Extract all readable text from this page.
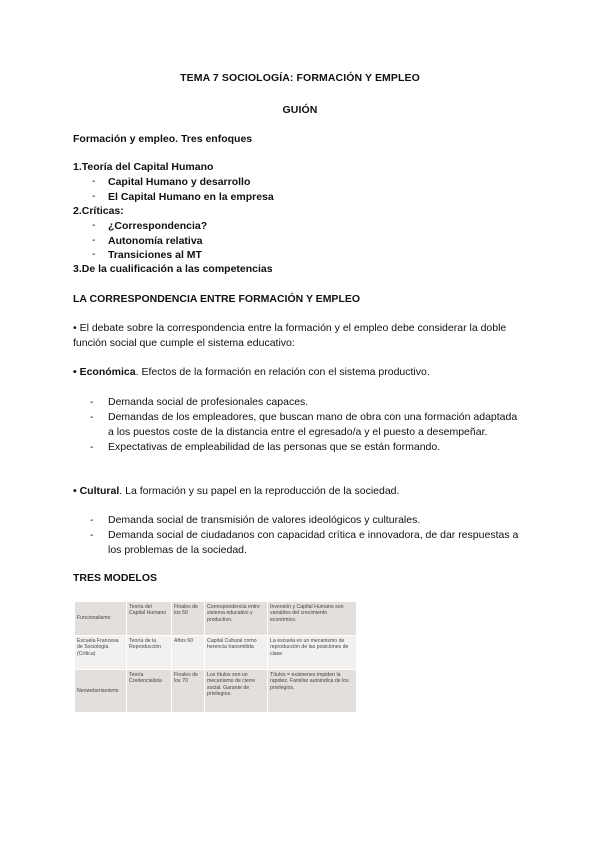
TEMA 7 SOCIOLOGÍA: FORMACIÓN Y EMPLEO
GUIÓN
Formación y empleo. Tres enfoques
1.Teoría del Capital Humano
- Capital Humano y desarrollo
- El Capital Humano en la empresa
2.Críticas:
- ¿Correspondencia?
- Autonomía relativa
- Transiciones al MT
3.De la cualificación a las competencias
LA CORRESPONDENCIA ENTRE FORMACIÓN Y EMPLEO
• El debate sobre la correspondencia entre la formación y el empleo debe considerar la doble función social que cumple el sistema educativo:
• Económica. Efectos de la formación en relación con el sistema productivo.
- Demanda social de profesionales capaces.
- Demandas de los empleadores, que buscan mano de obra con una formación adaptada a los puestos coste de la distancia entre el egresado/a y el puesto a desempeñar.
- Expectativas de empleabilidad de las personas que se están formando.
• Cultural. La formación y su papel en la reproducción de la sociedad.
- Demanda social de transmisión de valores ideológicos y culturales.
- Demanda social de ciudadanos con capacidad crítica e innovadora, de dar respuestas a los problemas de la sociedad.
TRES MODELOS
Funcionalismo	Teoría del Capital Humano	Finales de los 50	Correspondencia entre sistema educativo y productivo.	Inversión y Capital Humano son variables del crecimiento económico.
Escuela Francesa de Sociología (Crítica)	Teoría de la Reproducción	Años 60	Capital Cultural como herencia transmitida	La escuela es un mecanismo de reproducción de las posiciones de clase
Neoweberianismo	Teoría Credencialista	Finales de los 70	Los títulos son un mecanismo de cierre social. Garante de privilegios.	Títulos = exámenes impiden la rapidez. Familiar autoindica de los privilegios.
